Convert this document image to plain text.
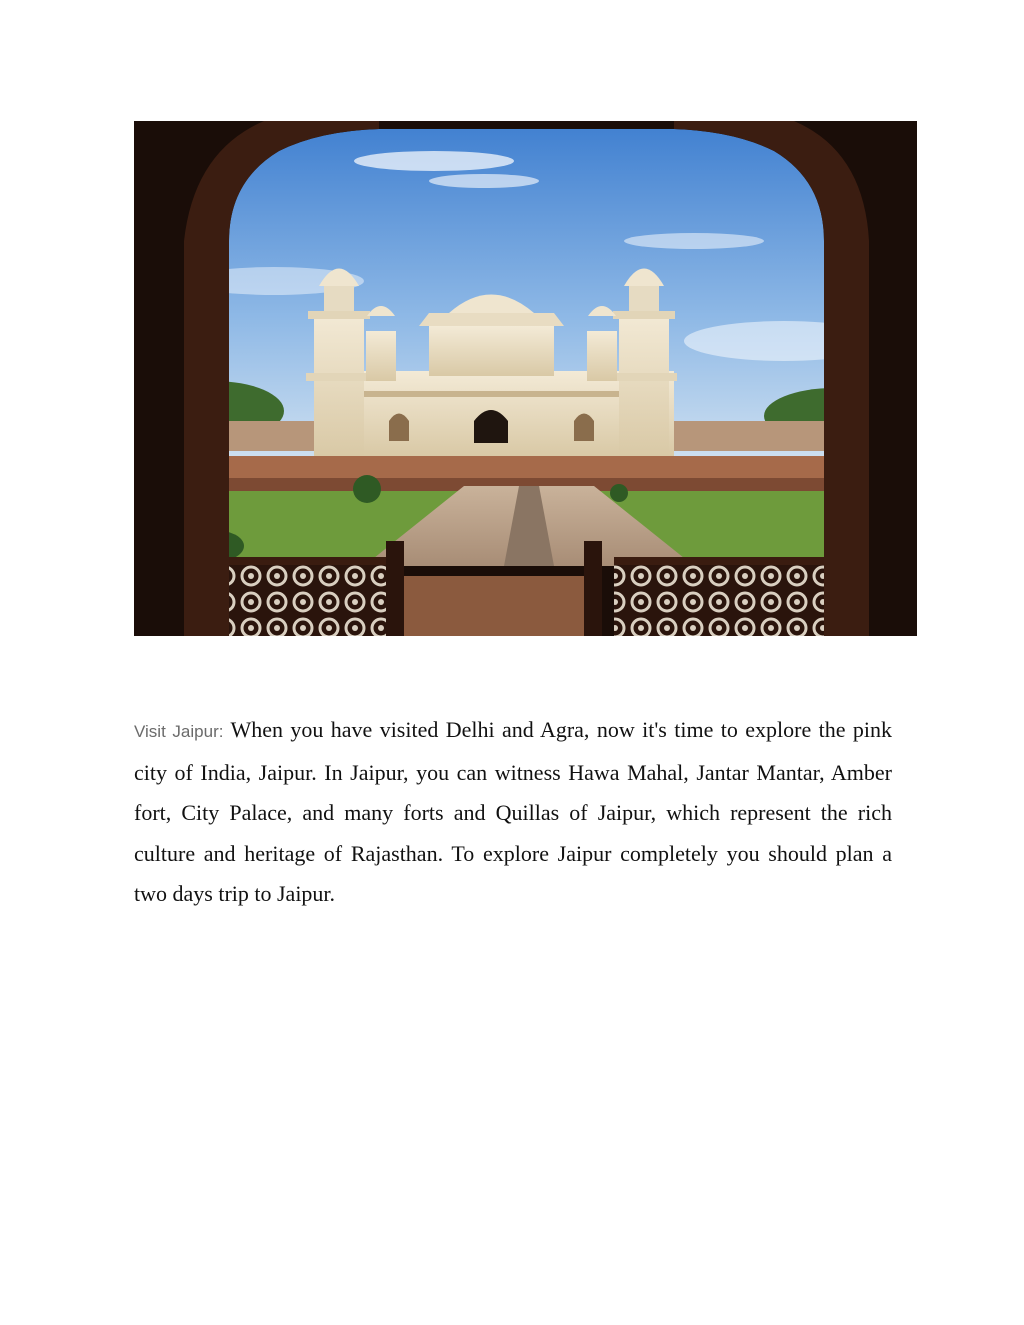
Visit Jaipur: When you have visited Delhi and Agra, now it's time to explore the pink city of India, Jaipur. In Jaipur, you can witness Hawa Mahal, Jantar Mantar, Amber fort, City Palace, and many forts and Quillas of Jaipur, which represent the rich culture and heritage of Rajasthan. To explore Jaipur completely you should plan a two days trip to Jaipur.
